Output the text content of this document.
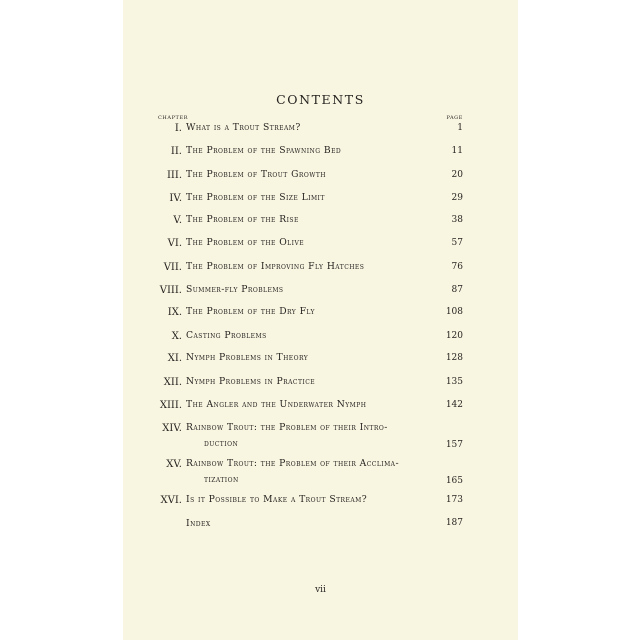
CONTENTS
CHAPTER	PAGE
I. What is a Trout Stream?	1
II. The Problem of the Spawning Bed	11
III. The Problem of Trout Growth	20
IV. The Problem of the Size Limit	29
V. The Problem of the Rise	38
VI. The Problem of the Olive	57
VII. The Problem of Improving Fly Hatches	76
VIII. Summer-fly Problems	87
IX. The Problem of the Dry Fly	108
X. Casting Problems	120
XI. Nymph Problems in Theory	128
XII. Nymph Problems in Practice	135
XIII. The Angler and the Underwater Nymph	142
XIV. Rainbow Trout: the Problem of their Intro-
duction	157
XV. Rainbow Trout: the Problem of their Acclima-
tization	165
XVI. Is it Possible to Make a Trout Stream?	173
Index	187
vii
